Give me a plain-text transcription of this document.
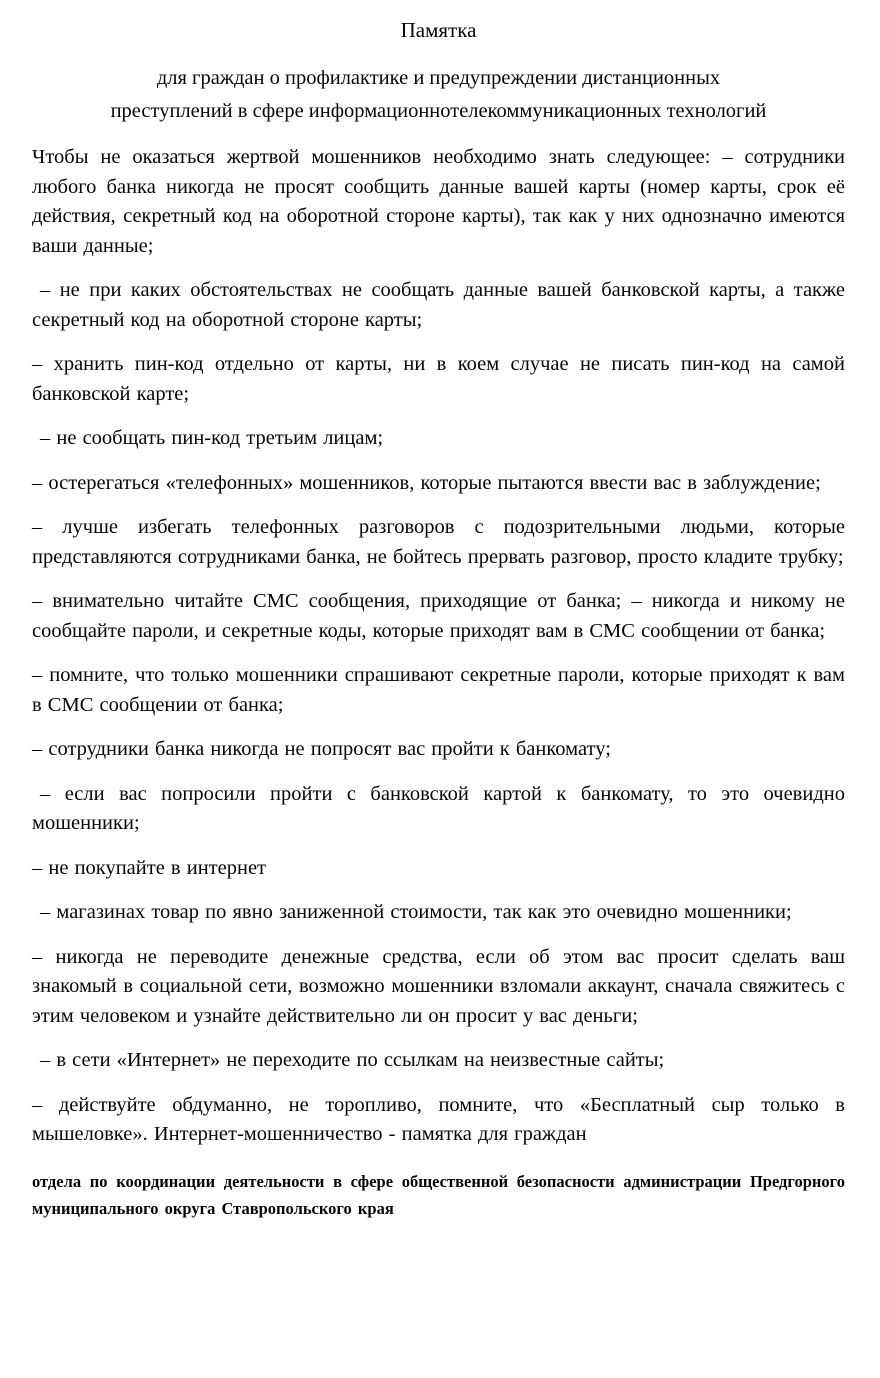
Памятка
для граждан о профилактике и предупреждении дистанционных
преступлений в сфере информационнотелекоммуникационных технологий

Чтобы не оказаться жертвой мошенников необходимо знать следующее: – сотрудники любого банка никогда не просят сообщить данные вашей карты (номер карты, срок её действия, секретный код на оборотной стороне карты), так как у них однозначно имеются ваши данные;

– не при каких обстоятельствах не сообщать данные вашей банковской карты, а также секретный код на оборотной стороне карты;

– хранить пин-код отдельно от карты, ни в коем случае не писать пин-код на самой банковской карте;

– не сообщать пин-код третьим лицам;

– остерегаться «телефонных» мошенников, которые пытаются ввести вас в заблуждение;

– лучше избегать телефонных разговоров с подозрительными людьми, которые представляются сотрудниками банка, не бойтесь прервать разговор, просто кладите трубку;

– внимательно читайте СМС сообщения, приходящие от банка; – никогда и никому не сообщайте пароли, и секретные коды, которые приходят вам в СМС сообщении от банка;

– помните, что только мошенники спрашивают секретные пароли, которые приходят к вам в СМС сообщении от банка;

– сотрудники банка никогда не попросят вас пройти к банкомату;

– если вас попросили пройти с банковской картой к банкомату, то это очевидно мошенники;

– не покупайте в интернет

– магазинах товар по явно заниженной стоимости, так как это очевидно мошенники;

– никогда не переводите денежные средства, если об этом вас просит сделать ваш знакомый в социальной сети, возможно мошенники взломали аккаунт, сначала свяжитесь с этим человеком и узнайте действительно ли он просит у вас деньги;

– в сети «Интернет» не переходите по ссылкам на неизвестные сайты;

– действуйте обдуманно, не торопливо, помните, что «Бесплатный сыр только в мышеловке». Интернет-мошенничество - памятка для граждан

отдела по координации деятельности в сфере общественной безопасности администрации Предгорного муниципального округа Ставропольского края
